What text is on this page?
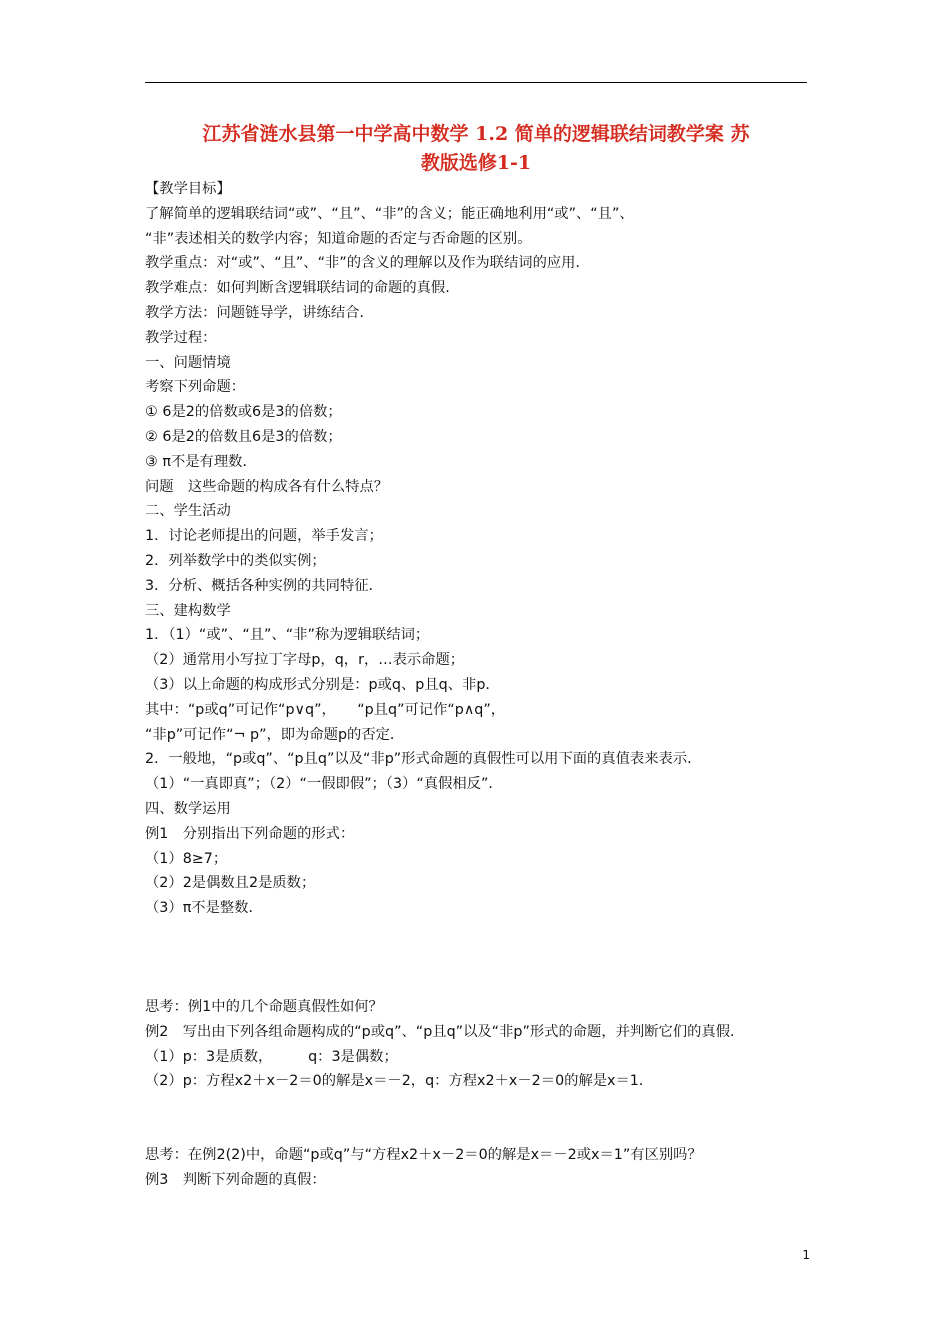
江苏省涟水县第一中学高中数学 1.2 简单的逻辑联结词教学案 苏
教版选修1-1

【教学目标】

了解简单的逻辑联结词“或”、“且”、“非”的含义；能正确地利用“或”、“且”、

“非”表述相关的数学内容；知道命题的否定与否命题的区别。

教学重点：对“或”、“且”、“非”的含义的理解以及作为联结词的应用．

教学难点：如何判断含逻辑联结词的命题的真假．

教学方法：问题链导学，讲练结合．

教学过程：

一、问题情境

考察下列命题：

① 6是2的倍数或6是3的倍数；

② 6是2的倍数且6是3的倍数；

③ π不是有理数．

问题　这些命题的构成各有什么特点？

二、学生活动

1．讨论老师提出的问题，举手发言；

2．列举数学中的类似实例；

3．分析、概括各种实例的共同特征．

三、建构数学

1．（1）“或”、“且”、“非”称为逻辑联结词；

（2）通常用小写拉丁字母p，q，r，…表示命题；

（3）以上命题的构成形式分别是：p或q、p且q、非p．

其中：“p或q”可记作“p∨q”，　　“p且q”可记作“p∧q”，

“非p”可记作“¬ p”，即为命题p的否定．

2．一般地，“p或q”、“p且q”以及“非p”形式命题的真假性可以用下面的真值表来表示．

（1）“一真即真”；（2）“一假即假”；（3）“真假相反”．

四、数学运用

例1　分别指出下列命题的形式：

（1）8≥7；

（2）2是偶数且2是质数；

（3）π不是整数．

思考：例1中的几个命题真假性如何？

例2　写出由下列各组命题构成的“p或q”、“p且q”以及“非p”形式的命题，并判断它们的真假．

（1）p：3是质数，　　　q：3是偶数；

（2）p：方程x2＋x－2＝0的解是x＝－2，q：方程x2＋x－2＝0的解是x＝1．

思考：在例2(2)中，命题“p或q”与“方程x2＋x－2＝0的解是x＝－2或x＝1”有区别吗？

例3　判断下列命题的真假：

1
